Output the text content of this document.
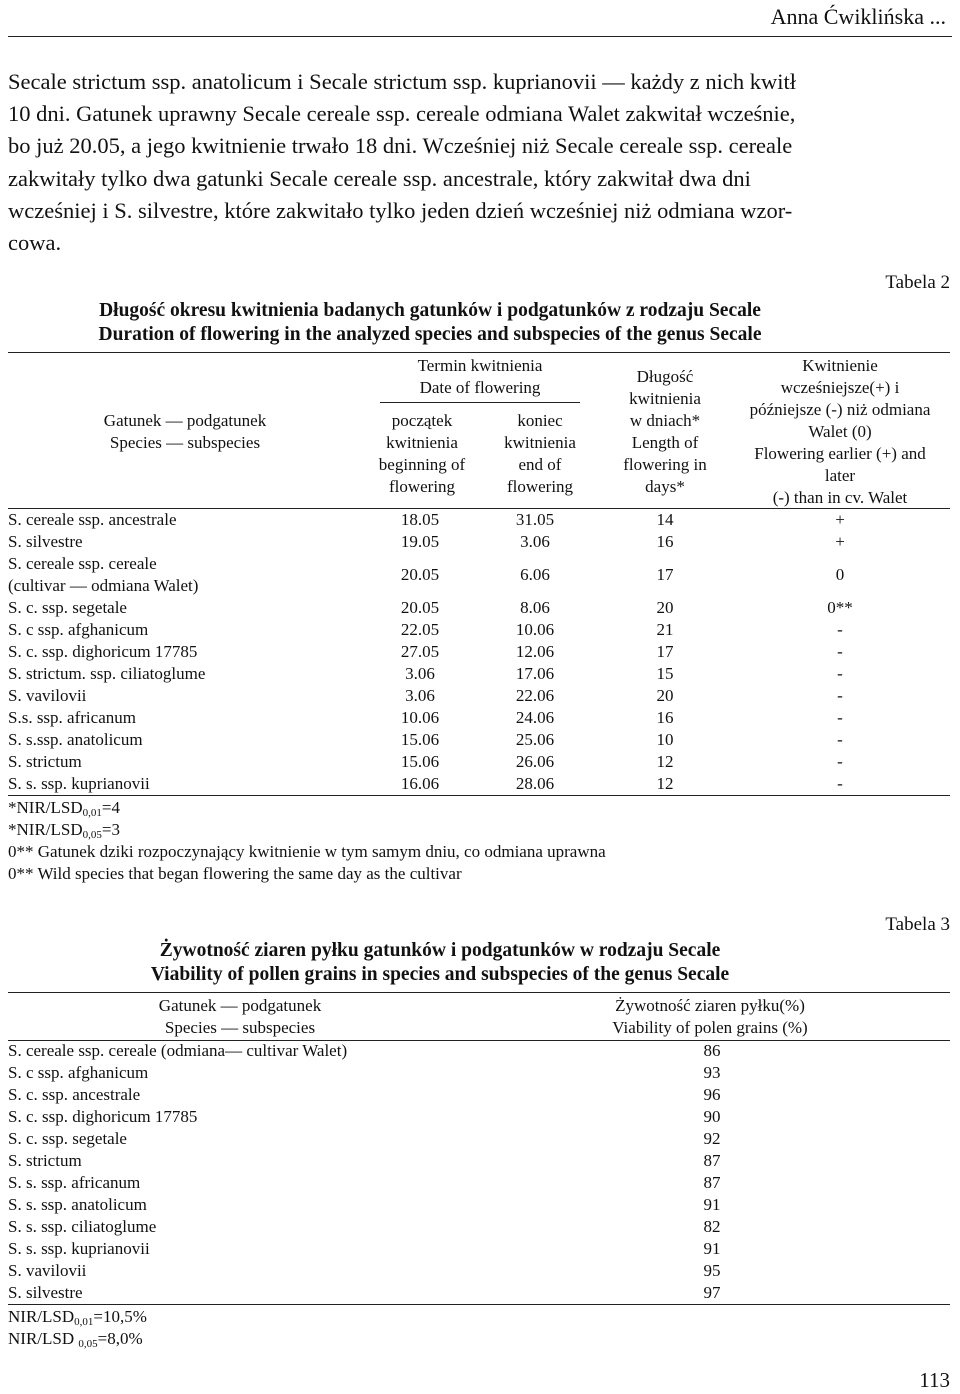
Anna Ćwiklińska ...

Secale strictum ssp. anatolicum i Secale strictum ssp. kuprianovii — każdy z nich kwitł

10 dni. Gatunek uprawny Secale cereale ssp. cereale odmiana Walet zakwitał wcześnie,

bo już 20.05, a jego kwitnienie trwało 18 dni. Wcześniej niż Secale cereale ssp. cereale

zakwitały tylko dwa gatunki Secale cereale ssp. ancestrale, który zakwitał dwa dni

wcześniej i S. silvestre, które zakwitało tylko jeden dzień wcześniej niż odmiana wzor-

cowa.

Tabela 2
Długość okresu kwitnienia badanych gatunków i podgatunków z rodzaju Secale
Duration of flowering in the analyzed species and subspecies of the genus Secale
Gatunek — podgatunek
Species — subspecies
Termin kwitnienia
Date of flowering
początek
kwitnienia
beginning of
flowering
koniec
kwitnienia
end of
flowering
Długość
kwitnienia
w dniach*
Length of
flowering in
days*
Kwitnienie
wcześniejsze(+) i
późniejsze (-) niż odmiana
Walet (0)
Flowering earlier (+) and
later
(-) than in cv. Walet
S. cereale ssp. ancestrale	18.05	31.05	14	+
S. silvestre	19.05	3.06	16	+
S. cereale ssp. cereale
(cultivar — odmiana Walet)
20.05	6.06	17	0
S. c. ssp. segetale	20.05	8.06	20	0**
S. c ssp. afghanicum	22.05	10.06	21	-
S. c. ssp. dighoricum 17785	27.05	12.06	17	-
S. strictum. ssp. ciliatoglume	3.06	17.06	15	-
S. vavilovii	3.06	22.06	20	-
S.s. ssp. africanum	10.06	24.06	16	-
S. s.ssp. anatolicum	15.06	25.06	10	-
S. strictum	15.06	26.06	12	-
S. s. ssp. kuprianovii	16.06	28.06	12	-
$*NIR/LSD_{0,01}=4$
$*NIR/LSD_{0,05}=3$
0** Gatunek dziki rozpoczynający kwitnienie w tym samym dniu, co odmiana uprawna
0** Wild species that began flowering the same day as the cultivar
Tabela 3
Żywotność ziaren pyłku gatunków i podgatunków w rodzaju Secale
Viability of pollen grains in species and subspecies of the genus Secale
Gatunek — podgatunek
Species — subspecies
Żywotność ziaren pyłku(%)
Viability of polen grains (%)
S. cereale ssp. cereale (odmiana— cultivar Walet)	86
S. c ssp. afghanicum	93
S. c. ssp. ancestrale	96
S. c. ssp. dighoricum 17785	90
S. c. ssp. segetale	92
S. strictum	87
S. s. ssp. africanum	87
S. s. ssp. anatolicum	91
S. s. ssp. ciliatoglume	82
S. s. ssp. kuprianovii	91
S. vavilovii	95
S. silvestre	97
NIR/$LSD_{0,01}=10,5\%$
NIR/LSD $_{0,05}$=8,0%
113
